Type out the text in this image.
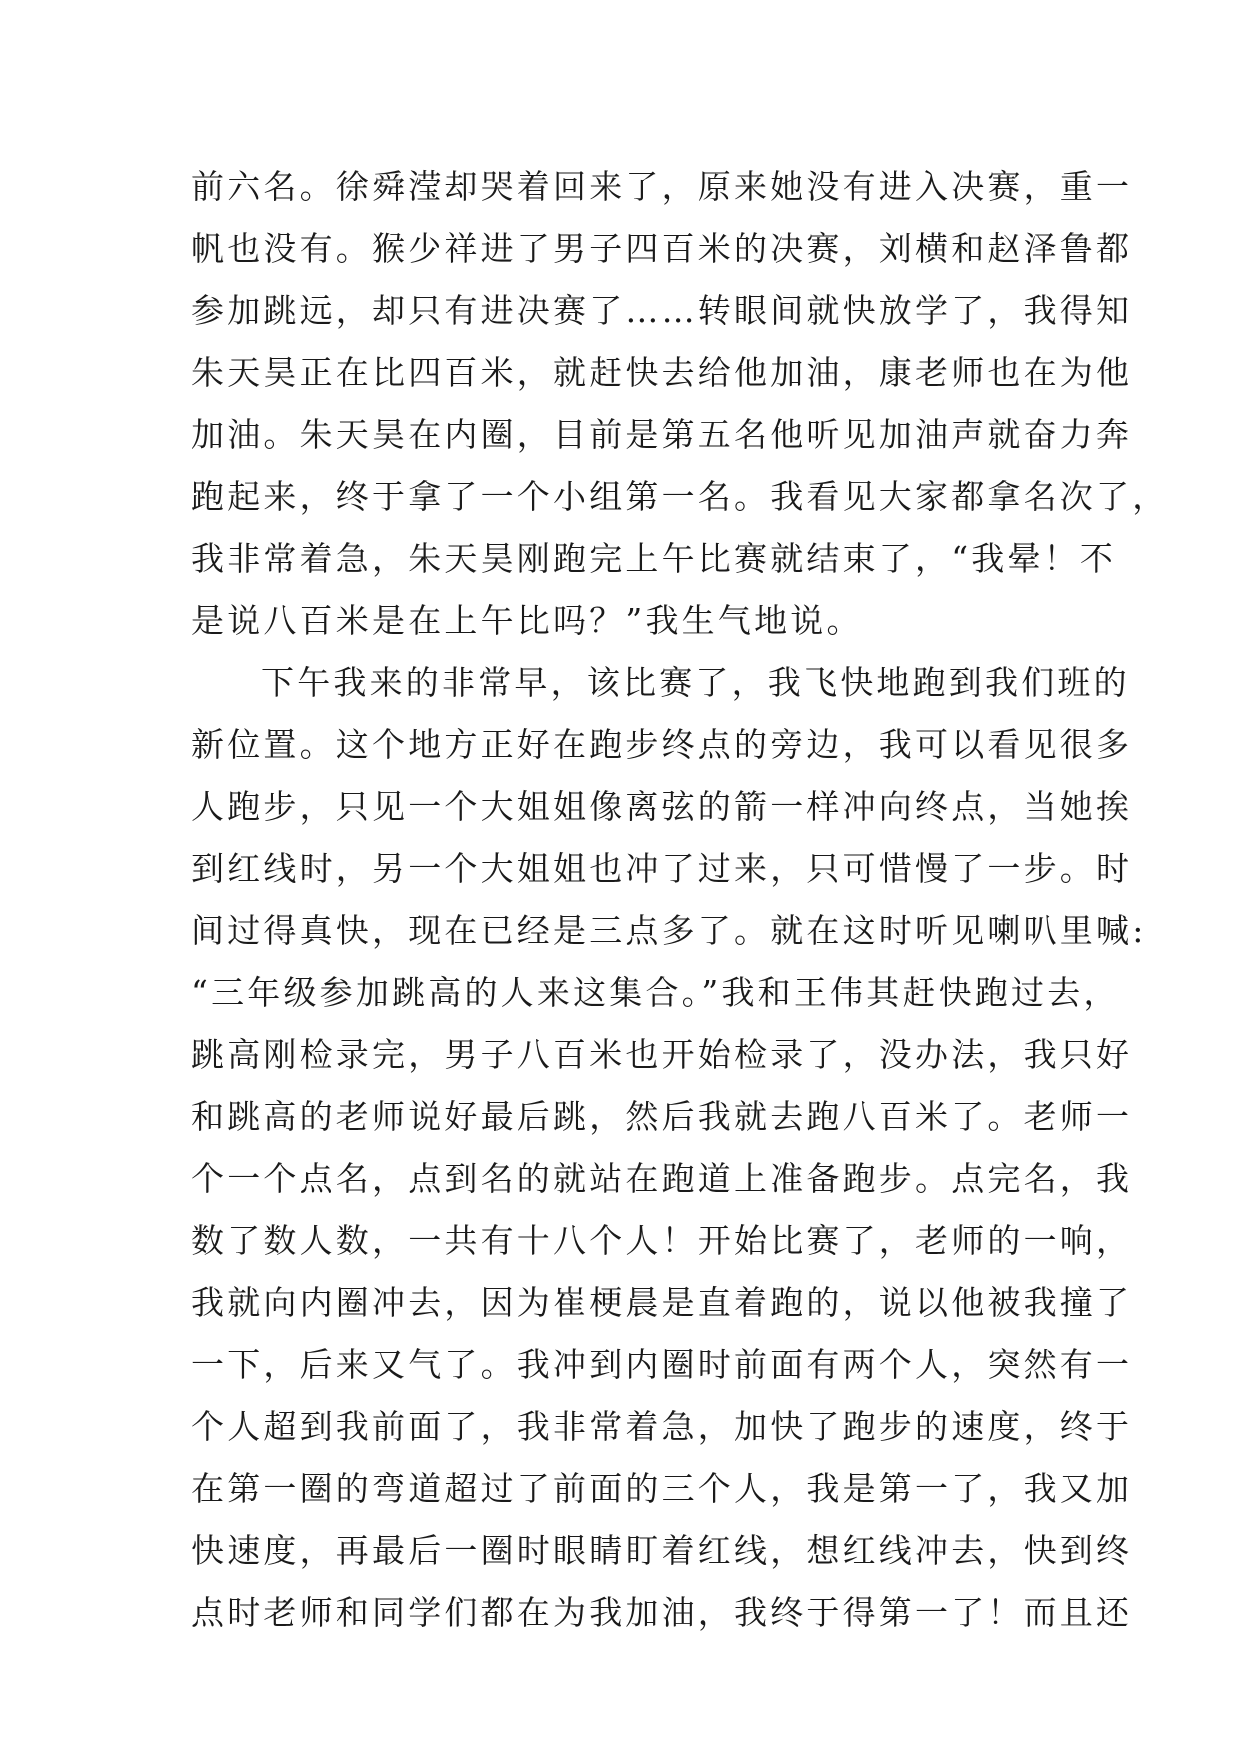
前六名。徐舜滢却哭着回来了，原来她没有进入决赛，重一
帆也没有。猴少祥进了男子四百米的决赛，刘横和赵泽鲁都
参加跳远，却只有进决赛了……转眼间就快放学了，我得知
朱天昊正在比四百米，就赶快去给他加油，康老师也在为他
加油。朱天昊在内圈，目前是第五名他听见加油声就奋力奔
跑起来，终于拿了一个小组第一名。我看见大家都拿名次了，
我非常着急，朱天昊刚跑完上午比赛就结束了，“我晕！不
是说八百米是在上午比吗？”我生气地说。
下午我来的非常早，该比赛了，我飞快地跑到我们班的
新位置。这个地方正好在跑步终点的旁边，我可以看见很多
人跑步，只见一个大姐姐像离弦的箭一样冲向终点，当她挨
到红线时，另一个大姐姐也冲了过来，只可惜慢了一步。时
间过得真快，现在已经是三点多了。就在这时听见喇叭里喊:
“三年级参加跳高的人来这集合。”我和王伟其赶快跑过去，
跳高刚检录完，男子八百米也开始检录了，没办法，我只好
和跳高的老师说好最后跳，然后我就去跑八百米了。老师一
个一个点名，点到名的就站在跑道上准备跑步。点完名，我
数了数人数，一共有十八个人！开始比赛了，老师的一响，
我就向内圈冲去，因为崔梗晨是直着跑的，说以他被我撞了
一下，后来又气了。我冲到内圈时前面有两个人，突然有一
个人超到我前面了，我非常着急，加快了跑步的速度，终于
在第一圈的弯道超过了前面的三个人，我是第一了，我又加
快速度，再最后一圈时眼睛盯着红线，想红线冲去，快到终
点时老师和同学们都在为我加油，我终于得第一了！而且还
